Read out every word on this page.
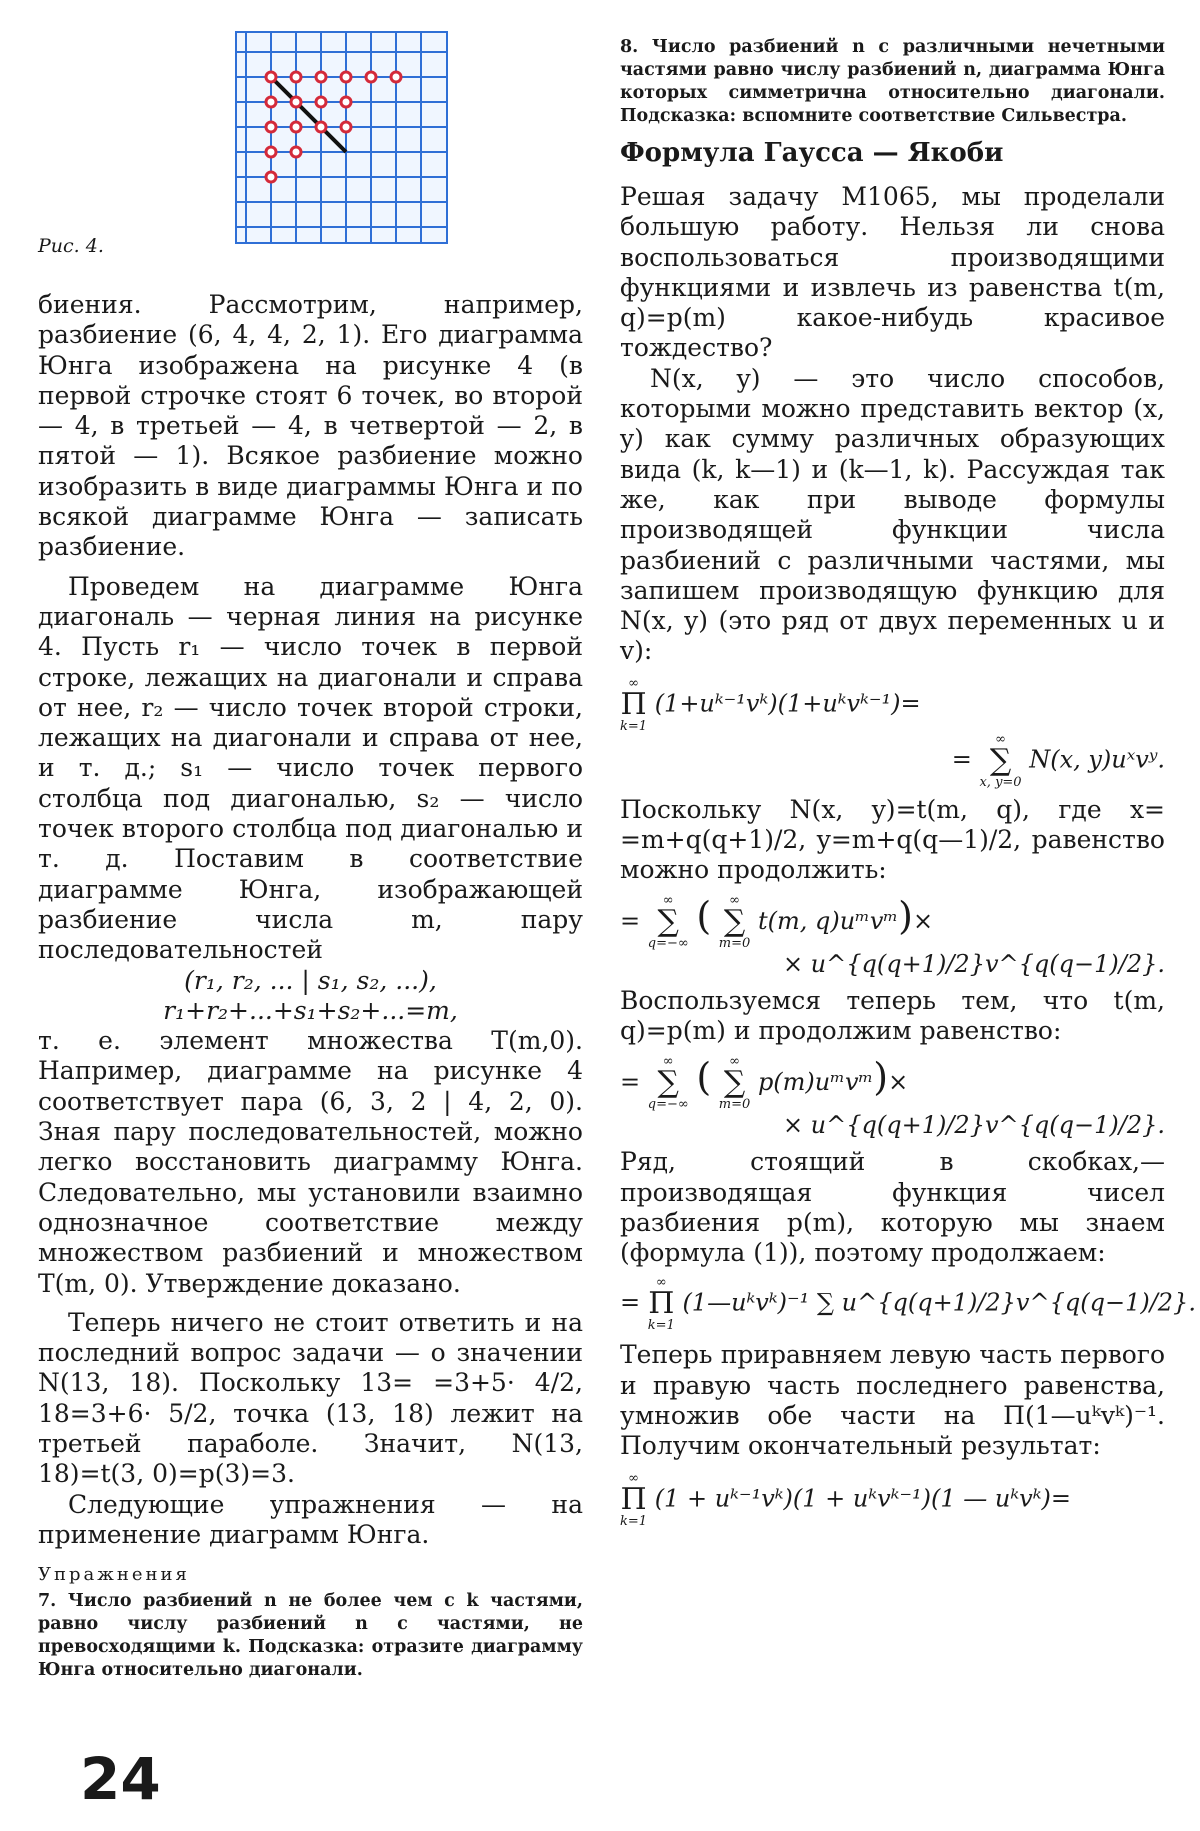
Рис. 4.

биения. Рассмотрим, например, разбиение (6, 4, 4, 2, 1). Его диаграмма Юнга изображена на рисунке 4 (в первой строчке стоят 6 точек, во второй — 4, в третьей — 4, в четвертой — 2, в пятой — 1). Всякое разбиение можно изобразить в виде диаграммы Юнга и по всякой диаграмме Юнга — записать разбиение.

Проведем на диаграмме Юнга диагональ — черная линия на рисунке 4. Пусть r₁ — число точек в первой строке, лежащих на диагонали и справа от нее, r₂ — число точек второй строки, лежащих на диагонали и справа от нее, и т. д.; s₁ — число точек первого столбца под диагональю, s₂ — число точек второго столбца под диагональю и т. д. Поставим в соответствие диаграмме Юнга, изображающей разбиение числа m, пару последовательностей

(r₁, r₂, ... | s₁, s₂, ...),

r₁+r₂+...+s₁+s₂+...=m,

т. е. элемент множества T(m,0). Например, диаграмме на рисунке 4 соответствует пара (6, 3, 2 | 4, 2, 0). Зная пару последовательностей, можно легко восстановить диаграмму Юнга. Следовательно, мы установили взаимно однозначное соответствие между множеством разбиений и множеством T(m, 0). Утверждение доказано.

Теперь ничего не стоит ответить и на последний вопрос задачи — о значении N(13, 18). Поскольку 13= =3+5· 4/2, 18=3+6· 5/2, точка (13, 18) лежит на третьей параболе. Значит, N(13, 18)=t(3, 0)=p(3)=3.

Следующие упражнения — на применение диаграмм Юнга.

Упражнения

7. Число разбиений n не более чем с k частями, равно числу разбиений n с частями, не превосходящими k. Подсказка: отразите диаграмму Юнга относительно диагонали.

24

8. Число разбиений n с различными нечетными частями равно числу разбиений n, диаграмма Юнга которых симметрична относительно диагонали. Подсказка: вспомните соответствие Сильвестра.

Формула Гаусса — Якоби

Решая задачу М1065, мы проделали большую работу. Нельзя ли снова воспользоваться производящими функциями и извлечь из равенства t(m, q)=p(m) какое-нибудь красивое тождество?

N(x, y) — это число способов, которыми можно представить вектор (x, y) как сумму различных образующих вида (k, k—1) и (k—1, k). Рассуждая так же, как при выводе формулы производящей функции числа разбиений с различными частями, мы запишем производящую функцию для N(x, y) (это ряд от двух переменных u и v):

∞
Π
k=1
(1+uᵏ⁻¹vᵏ)(1+uᵏvᵏ⁻¹)=
=
∞
∑
x, y=0
N(x, y)uˣvʸ.

Поскольку N(x, y)=t(m, q), где x= =m+q(q+1)/2, y=m+q(q—1)/2, равенство можно продолжить:

=
∞
∑
q=−∞
(	∞
∑
m=0
t(m, q)uᵐvᵐ)×
× u^{q(q+1)/2}v^{q(q−1)/2}.

Воспользуемся теперь тем, что t(m, q)=p(m) и продолжим равенство:

=
∞
∑
q=−∞
(	∞
∑
m=0
p(m)uᵐvᵐ)×
× u^{q(q+1)/2}v^{q(q−1)/2}.

Ряд, стоящий в скобках,— производящая функция чисел разбиения p(m), которую мы знаем (формула (1)), поэтому продолжаем:

=
∞
Π
k=1
(1—uᵏvᵏ)⁻¹ ∑ u^{q(q+1)/2}v^{q(q−1)/2}.

Теперь приравняем левую часть первого и правую часть последнего равенства, умножив обе части на Π(1—uᵏvᵏ)⁻¹. Получим окончательный результат:

∞
Π
k=1
(1 + uᵏ⁻¹vᵏ)(1 + uᵏvᵏ⁻¹)(1 — uᵏvᵏ)=
